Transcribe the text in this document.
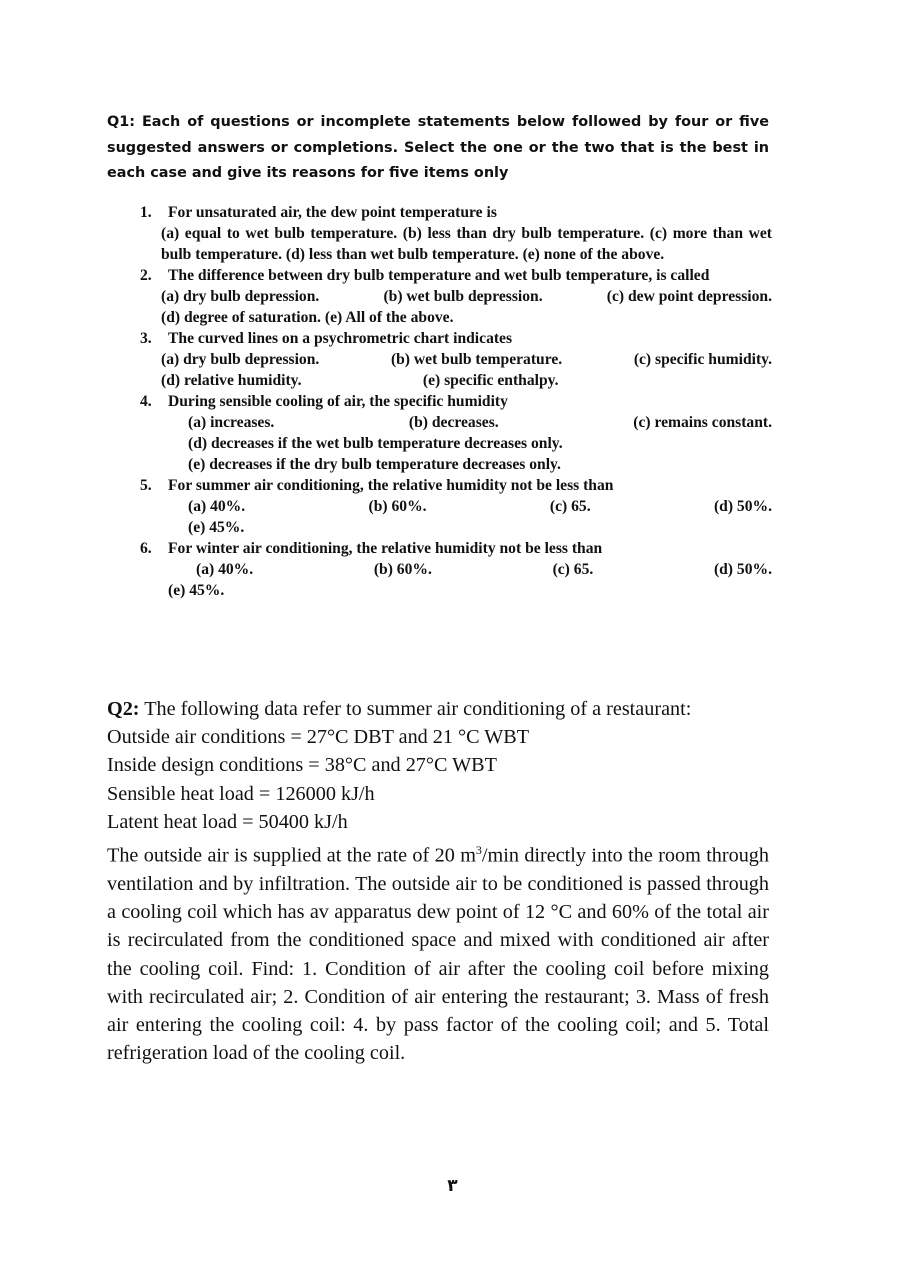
Q1: Each of questions or incomplete statements below followed by four or five suggested answers or completions. Select the one or the two that is the best in each case and give its reasons for five items only
1.	For unsaturated air, the dew point temperature is
(a) equal to wet bulb temperature. (b) less than dry bulb temperature. (c) more than wet bulb temperature. (d) less than wet bulb temperature. (e) none of the above.
2.	The difference between dry bulb temperature and wet bulb temperature, is called
(a) dry bulb depression.	(b) wet bulb depression.	(c) dew point depression.
(d) degree of saturation. (e) All of the above.
3.	The curved lines on a psychrometric chart indicates
(a) dry bulb depression.	(b) wet bulb temperature.	(c) specific humidity.
(d) relative humidity.	(e) specific enthalpy.
4.	During sensible cooling of air, the specific humidity
(a) increases.	(b) decreases.	(c) remains constant.
(d) decreases if the wet bulb temperature decreases only.
(e) decreases if the dry bulb temperature decreases only.
5.	For summer air conditioning, the relative humidity not be less than
(a) 40%.	(b) 60%.	(c) 65.	(d) 50%.
(e) 45%.
6.	For winter air conditioning, the relative humidity not be less than
(a) 40%.	(b) 60%.	(c) 65.	(d) 50%.
(e) 45%.
Q2: The following data refer to summer air conditioning of a restaurant:
Outside air conditions = 27°C DBT and 21 °C WBT
Inside design conditions = 38°C and 27°C WBT
Sensible heat load = 126000 kJ/h
Latent heat load = 50400 kJ/h
The outside air is supplied at the rate of 20 $m^3/\min$ directly into the room through ventilation and by infiltration. The outside air to be conditioned is passed through a cooling coil which has av apparatus dew point of 12 °C and 60% of the total air is recirculated from the conditioned space and mixed with conditioned air after the cooling coil. Find: 1. Condition of air after the cooling coil before mixing with recirculated air; 2. Condition of air entering the restaurant; 3. Mass of fresh air entering the cooling coil: 4. by pass factor of the cooling coil; and 5. Total refrigeration load of the cooling coil.
٣
